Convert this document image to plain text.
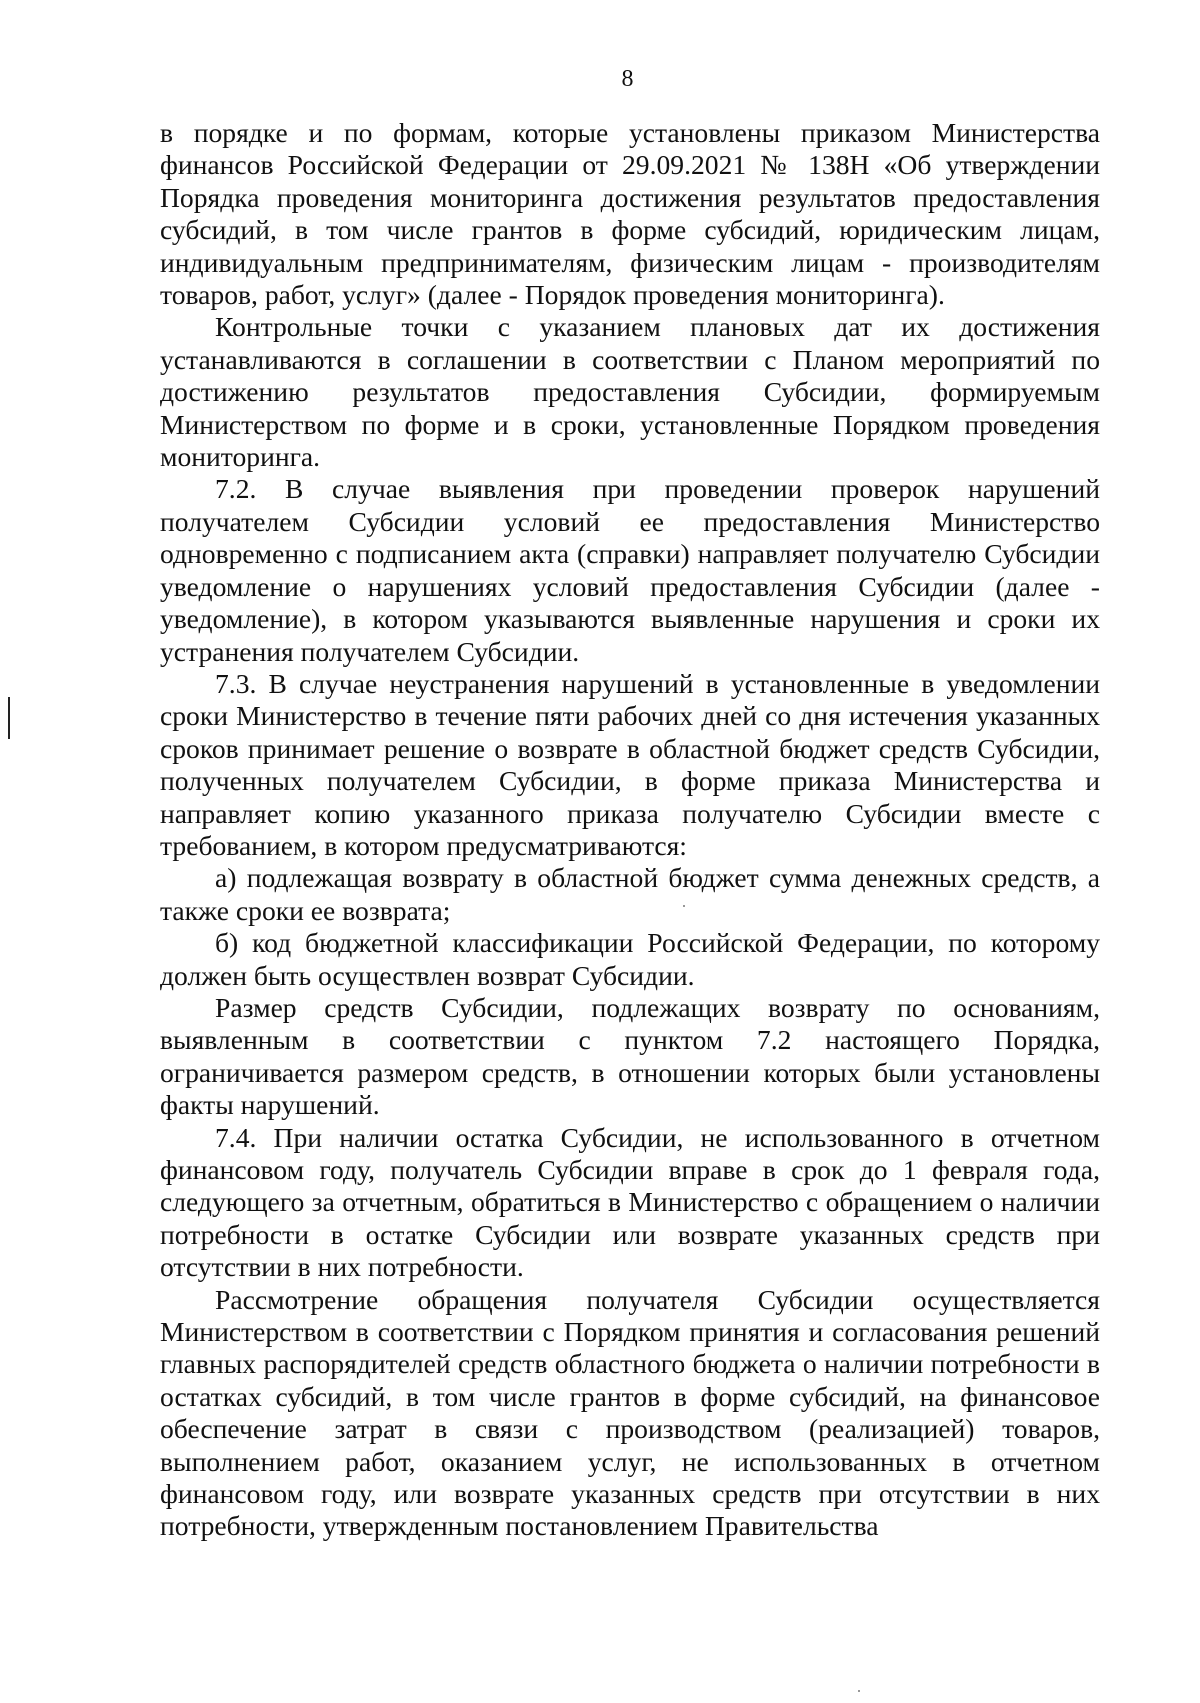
8

в порядке и по формам, которые установлены приказом Министерства финансов Российской Федерации от 29.09.2021 № 138Н «Об утверждении Порядка проведения мониторинга достижения результатов предоставления субсидий, в том числе грантов в форме субсидий, юридическим лицам, индивидуальным предпринимателям, физическим лицам - производителям товаров, работ, услуг» (далее - Порядок проведения мониторинга).

Контрольные точки с указанием плановых дат их достижения устанавливаются в соглашении в соответствии с Планом мероприятий по достижению результатов предоставления Субсидии, формируемым Министерством по форме и в сроки, установленные Порядком проведения мониторинга.

7.2. В случае выявления при проведении проверок нарушений получателем Субсидии условий ее предоставления Министерство одновременно с подписанием акта (справки) направляет получателю Субсидии уведомление о нарушениях условий предоставления Субсидии (далее - уведомление), в котором указываются выявленные нарушения и сроки их устранения получателем Субсидии.

7.3. В случае неустранения нарушений в установленные в уведомлении сроки Министерство в течение пяти рабочих дней со дня истечения указанных сроков принимает решение о возврате в областной бюджет средств Субсидии, полученных получателем Субсидии, в форме приказа Министерства и направляет копию указанного приказа получателю Субсидии вместе с требованием, в котором предусматриваются:

а) подлежащая возврату в областной бюджет сумма денежных средств, а также сроки ее возврата;

б) код бюджетной классификации Российской Федерации, по которому должен быть осуществлен возврат Субсидии.

Размер средств Субсидии, подлежащих возврату по основаниям, выявленным в соответствии с пунктом 7.2 настоящего Порядка, ограничивается размером средств, в отношении которых были установлены факты нарушений.

7.4. При наличии остатка Субсидии, не использованного в отчетном финансовом году, получатель Субсидии вправе в срок до 1 февраля года, следующего за отчетным, обратиться в Министерство с обращением о наличии потребности в остатке Субсидии или возврате указанных средств при отсутствии в них потребности.

Рассмотрение обращения получателя Субсидии осуществляется Министерством в соответствии с Порядком принятия и согласования решений главных распорядителей средств областного бюджета о наличии потребности в остатках субсидий, в том числе грантов в форме субсидий, на финансовое обеспечение затрат в связи с производством (реализацией) товаров, выполнением работ, оказанием услуг, не использованных в отчетном финансовом году, или возврате указанных средств при отсутствии в них потребности, утвержденным постановлением Правительства
